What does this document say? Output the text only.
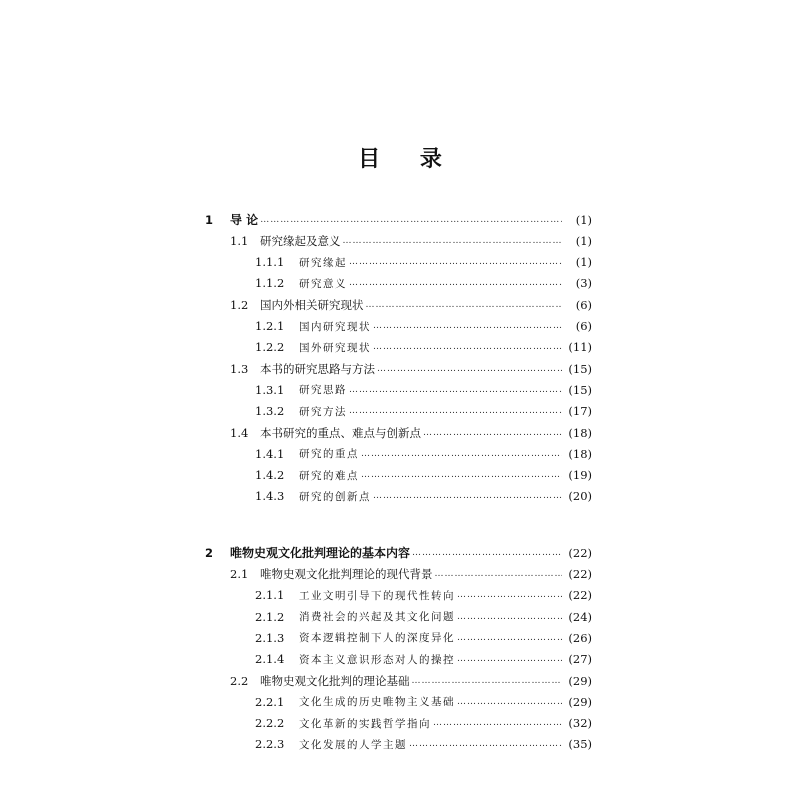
目 录
1	导 论 …………………………………………………………………………………………………………………………………………………………………………………………………………………………………………	(1)
1.1	研究缘起及意义 …………………………………………………………………………………………………………………………………………………………………………………………………………………………………………	(1)
1.1.1	研究缘起 …………………………………………………………………………………………………………………………………………………………………………………………………………………………………………	(1)
1.1.2	研究意义 …………………………………………………………………………………………………………………………………………………………………………………………………………………………………………	(3)
1.2	国内外相关研究现状 …………………………………………………………………………………………………………………………………………………………………………………………………………………………………………	(6)
1.2.1	国内研究现状 …………………………………………………………………………………………………………………………………………………………………………………………………………………………………………	(6)
1.2.2	国外研究现状 …………………………………………………………………………………………………………………………………………………………………………………………………………………………………………	(11)
1.3	本书的研究思路与方法 …………………………………………………………………………………………………………………………………………………………………………………………………………………………………………	(15)
1.3.1	研究思路 …………………………………………………………………………………………………………………………………………………………………………………………………………………………………………	(15)
1.3.2	研究方法 …………………………………………………………………………………………………………………………………………………………………………………………………………………………………………	(17)
1.4	本书研究的重点、难点与创新点 …………………………………………………………………………………………………………………………………………………………………………………………………………………………………………	(18)
1.4.1	研究的重点 …………………………………………………………………………………………………………………………………………………………………………………………………………………………………………	(18)
1.4.2	研究的难点 …………………………………………………………………………………………………………………………………………………………………………………………………………………………………………	(19)
1.4.3	研究的创新点 …………………………………………………………………………………………………………………………………………………………………………………………………………………………………………	(20)
2	唯物史观文化批判理论的基本内容 …………………………………………………………………………………………………………………………………………………………………………………………………………………………………………	(22)
2.1	唯物史观文化批判理论的现代背景 …………………………………………………………………………………………………………………………………………………………………………………………………………………………………………	(22)
2.1.1	工业文明引导下的现代性转向 …………………………………………………………………………………………………………………………………………………………………………………………………………………………………………	(22)
2.1.2	消费社会的兴起及其文化问题 …………………………………………………………………………………………………………………………………………………………………………………………………………………………………………	(24)
2.1.3	资本逻辑控制下人的深度异化 …………………………………………………………………………………………………………………………………………………………………………………………………………………………………………	(26)
2.1.4	资本主义意识形态对人的操控 …………………………………………………………………………………………………………………………………………………………………………………………………………………………………………	(27)
2.2	唯物史观文化批判的理论基础 …………………………………………………………………………………………………………………………………………………………………………………………………………………………………………	(29)
2.2.1	文化生成的历史唯物主义基础 …………………………………………………………………………………………………………………………………………………………………………………………………………………………………………	(29)
2.2.2	文化革新的实践哲学指向 …………………………………………………………………………………………………………………………………………………………………………………………………………………………………………	(32)
2.2.3	文化发展的人学主题 …………………………………………………………………………………………………………………………………………………………………………………………………………………………………………	(35)
